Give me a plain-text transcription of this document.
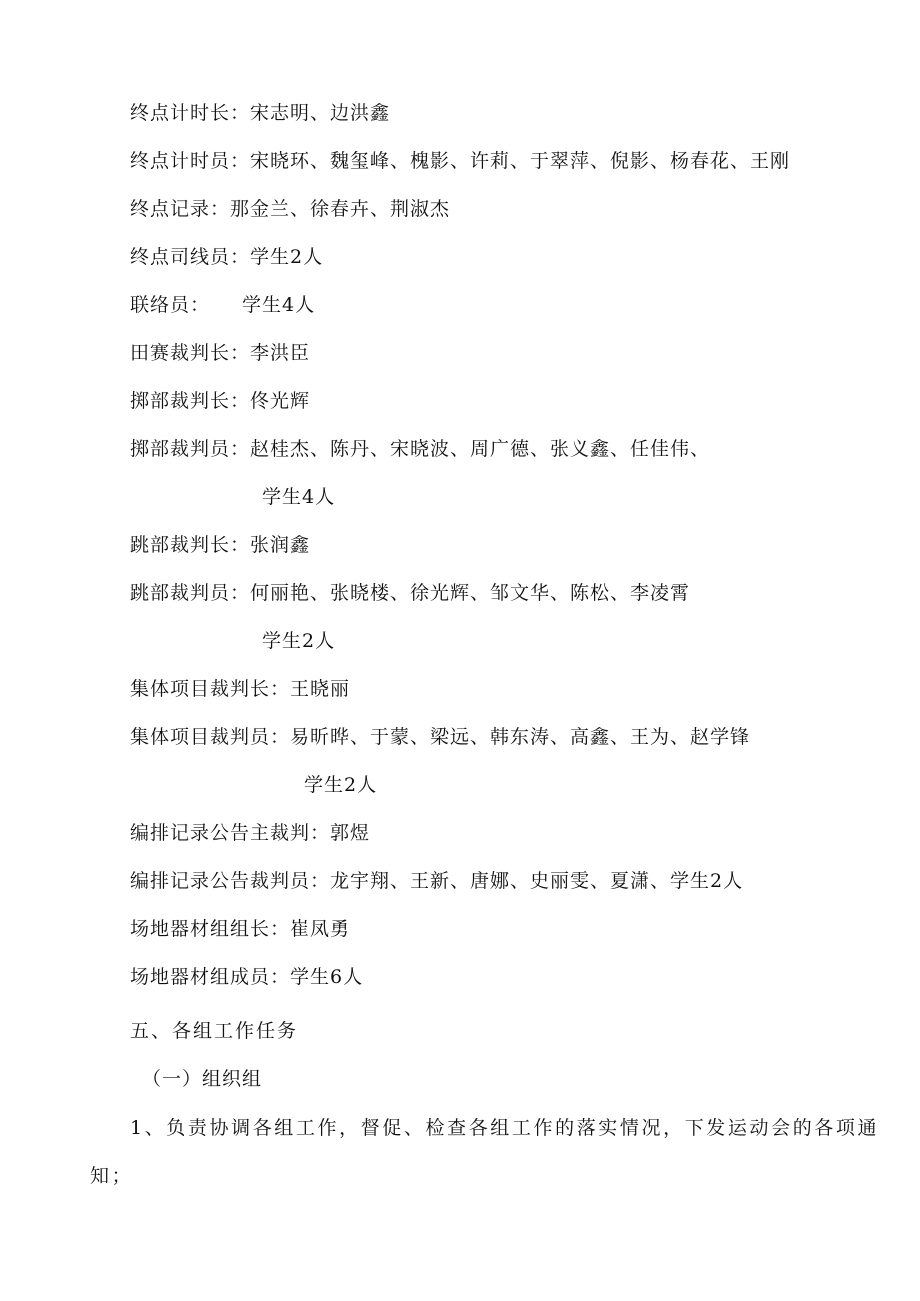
终点计时长：宋志明、边洪鑫
终点计时员：宋晓环、魏玺峰、槐影、许莉、于翠萍、倪影、杨春花、王刚
终点记录：那金兰、徐春卉、荆淑杰
终点司线员：学生2人
联络员： 学生4人
田赛裁判长：李洪臣
掷部裁判长：佟光辉
掷部裁判员：赵桂杰、陈丹、宋晓波、周广德、张义鑫、任佳伟、
学生4人
跳部裁判长：张润鑫
跳部裁判员：何丽艳、张晓楼、徐光辉、邹文华、陈松、李凌霄
学生2人
集体项目裁判长：王晓丽
集体项目裁判员：易昕晔、于蒙、梁远、韩东涛、高鑫、王为、赵学锋
学生2人
编排记录公告主裁判：郭煜
编排记录公告裁判员：龙宇翔、王新、唐娜、史丽雯、夏潇、学生2人
场地器材组组长：崔凤勇
场地器材组成员：学生6人
五、各组工作任务
（一）组织组
1、负责协调各组工作，督促、检查各组工作的落实情况，下发运动会的各项通
知；
